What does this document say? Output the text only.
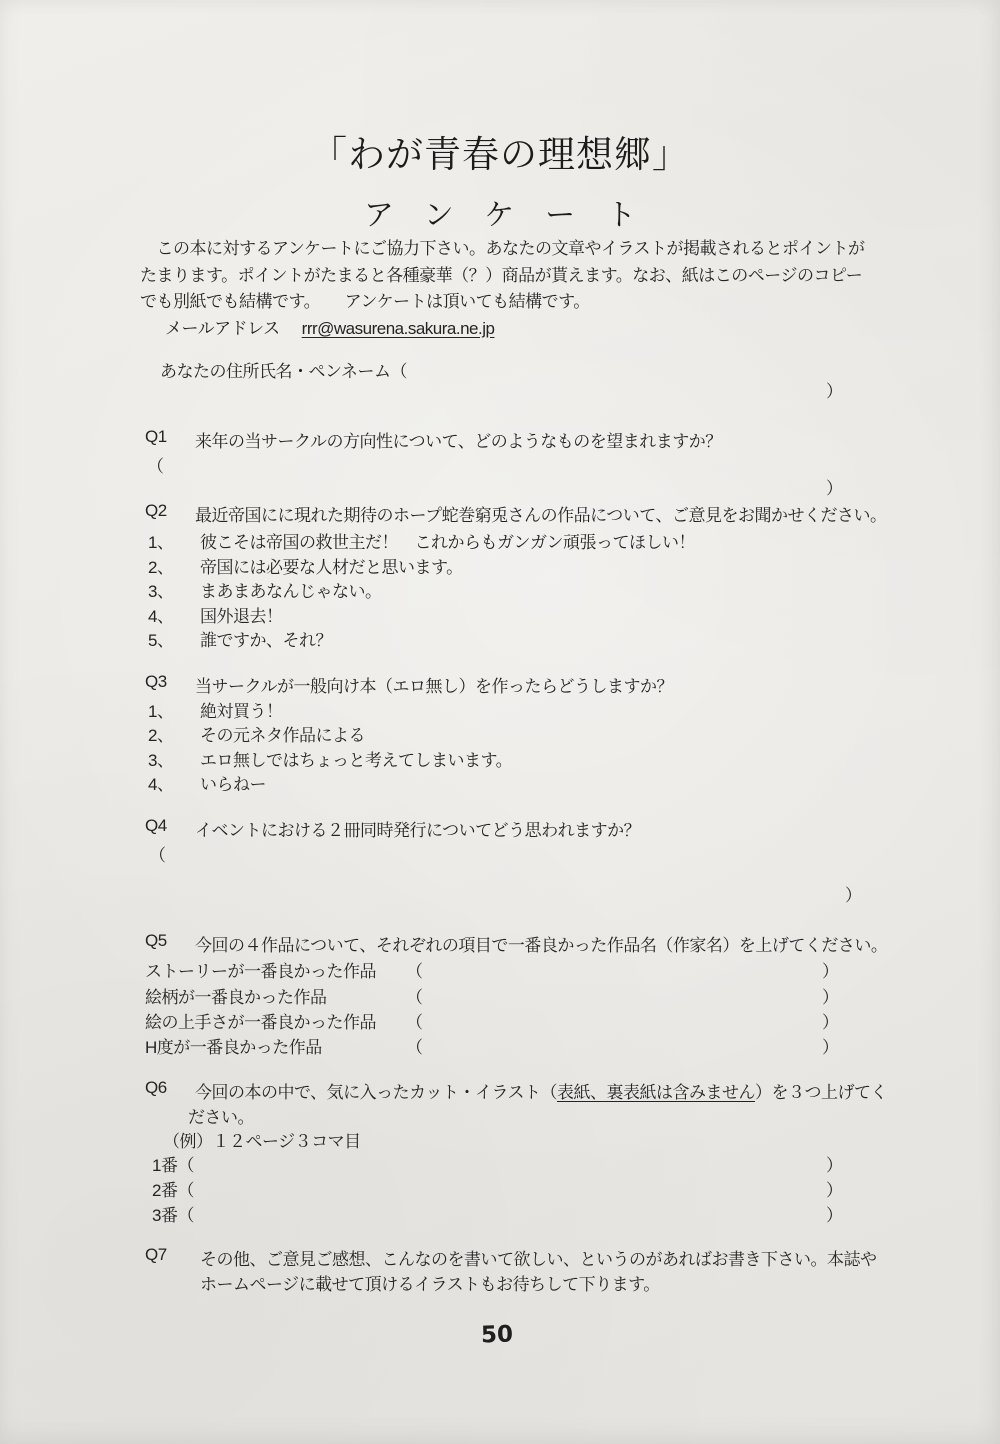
「わが青春の理想郷」
アンケート
　この本に対するアンケートにご協力下さい。あなたの文章やイラストが掲載されるとポイントが
たまります。ポイントがたまると各種豪華（？）商品が貰えます。なお、紙はこのページのコピー
でも別紙でも結構です。　　アンケートは頂いても結構です。
メールアドレス rrr@wasurena.sakura.ne.jp
あなたの住所氏名・ペンネーム（
）
Q1	来年の当サークルの方向性について、どのようなものを望まれますか？
（
）
Q2	最近帝国にに現れた期待のホープ蛇巻窮兎さんの作品について、ご意見をお聞かせください。
1、	彼こそは帝国の救世主だ！　これからもガンガン頑張ってほしい！
2、	帝国には必要な人材だと思います。
3、	まあまあなんじゃない。
4、	国外退去！
5、	誰ですか、それ？
Q3	当サークルが一般向け本（エロ無し）を作ったらどうしますか？
1、	絶対買う！
2、	その元ネタ作品による
3、	エロ無しではちょっと考えてしまいます。
4、	いらねー
Q4	イベントにおける２冊同時発行についてどう思われますか？
（
）
Q5	今回の４作品について、それぞれの項目で一番良かった作品名（作家名）を上げてください。
ストーリーが一番良かった作品 （	）
絵柄が一番良かった作品	（	）
絵の上手さが一番良かった作品 （	）
H度が一番良かった作品	（	）
Q6	今回の本の中で、気に入ったカット・イラスト（表紙、裏表紙は含みません）を３つ上げてく
ださい。
（例）１２ページ３コマ目
1番（	）
2番（	）
3番（	）
Q7	その他、ご意見ご感想、こんなのを書いて欲しい、というのがあればお書き下さい。本誌や
ホームページに載せて頂けるイラストもお待ちして下ります。
50
